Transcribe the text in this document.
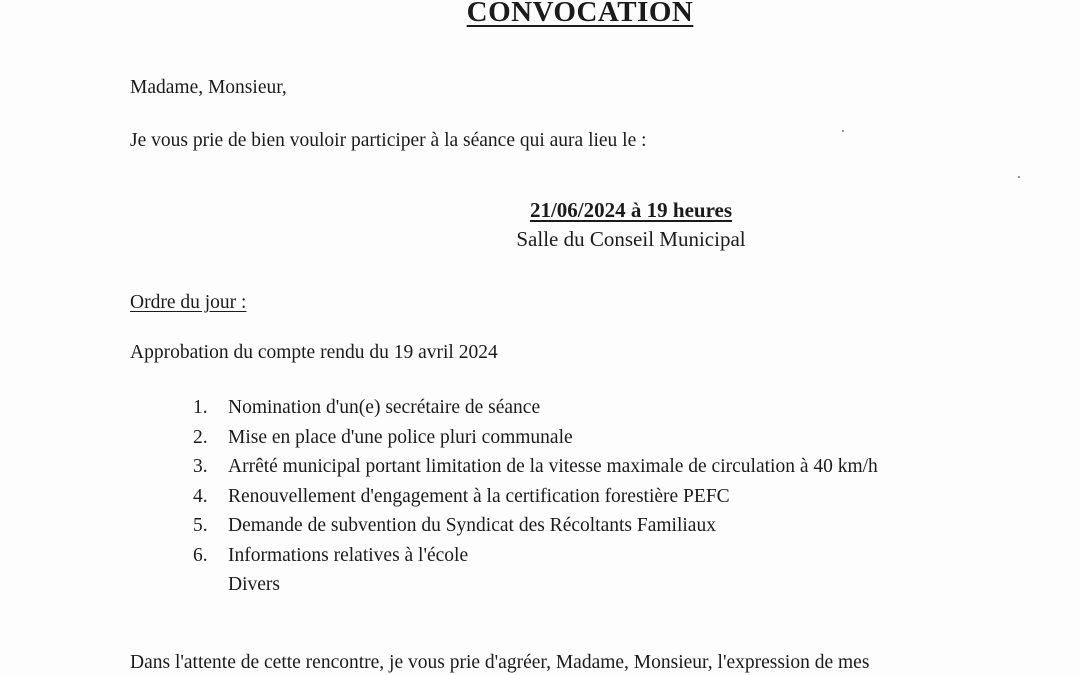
CONVOCATION
Madame, Monsieur,
Je vous prie de bien vouloir participer à la séance qui aura lieu le :
21/06/2024 à 19 heures
Salle du Conseil Municipal
Ordre du jour :
Approbation du compte rendu du 19 avril 2024
1. Nomination d'un(e) secrétaire de séance
2. Mise en place d'une police pluri communale
3. Arrêté municipal portant limitation de la vitesse maximale de circulation à 40 km/h
4. Renouvellement d'engagement à la certification forestière PEFC
5. Demande de subvention du Syndicat des Récoltants Familiaux
6. Informations relatives à l'école
Divers
Dans l'attente de cette rencontre, je vous prie d'agréer, Madame, Monsieur, l'expression de mes
